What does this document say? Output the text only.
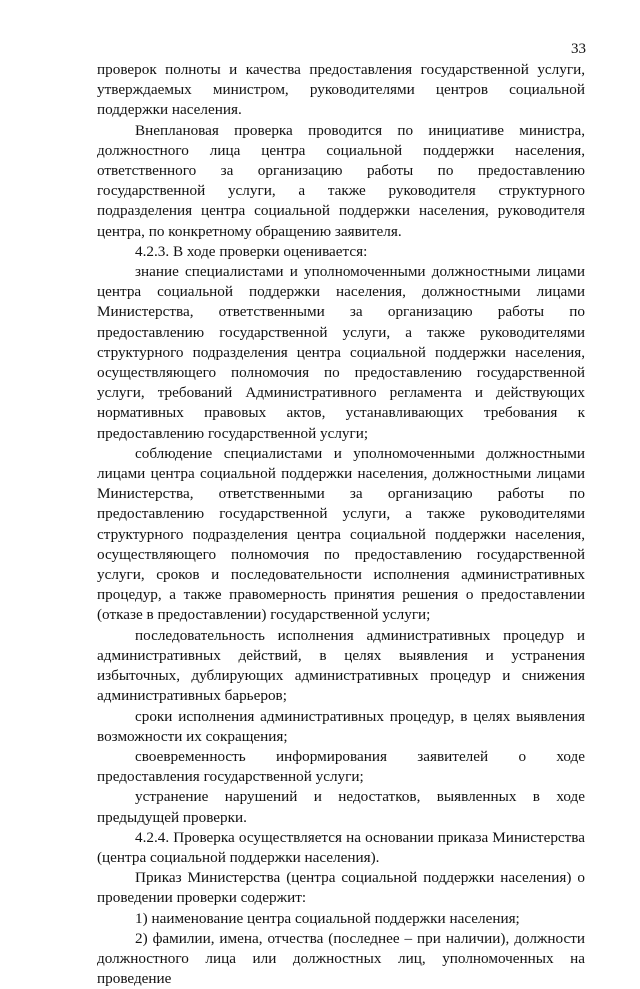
33

проверок полноты и качества предоставления государственной услуги, утверждаемых министром, руководителями центров социальной поддержки населения.

Внеплановая проверка проводится по инициативе министра, должностного лица центра социальной поддержки населения, ответственного за организацию работы по предоставлению государственной услуги, а также руководителя структурного подразделения центра социальной поддержки населения, руководителя центра, по конкретному обращению заявителя.

4.2.3. В ходе проверки оценивается:

знание специалистами и уполномоченными должностными лицами центра социальной поддержки населения, должностными лицами Министерства, ответственными за организацию работы по предоставлению государственной услуги, а также руководителями структурного подразделения центра социальной поддержки населения, осуществляющего полномочия по предоставлению государственной услуги, требований Административного регламента и действующих нормативных правовых актов, устанавливающих требования к предоставлению государственной услуги;

соблюдение специалистами и уполномоченными должностными лицами центра социальной поддержки населения, должностными лицами Министерства, ответственными за организацию работы по предоставлению государственной услуги, а также руководителями структурного подразделения центра социальной поддержки населения, осуществляющего полномочия по предоставлению государственной услуги, сроков и последовательности исполнения административных процедур, а также правомерность принятия решения о предоставлении (отказе в предоставлении) государственной услуги;

последовательность исполнения административных процедур и административных действий, в целях выявления и устранения избыточных, дублирующих административных процедур и снижения административных барьеров;

сроки исполнения административных процедур, в целях выявления возможности их сокращения;

своевременность информирования заявителей о ходе предоставления государственной услуги;

устранение нарушений и недостатков, выявленных в ходе предыдущей проверки.

4.2.4. Проверка осуществляется на основании приказа Министерства (центра социальной поддержки населения).

Приказ Министерства (центра социальной поддержки населения) о проведении проверки содержит:

1) наименование центра социальной поддержки населения;

2) фамилии, имена, отчества (последнее – при наличии), должности должностного лица или должностных лиц, уполномоченных на проведение
